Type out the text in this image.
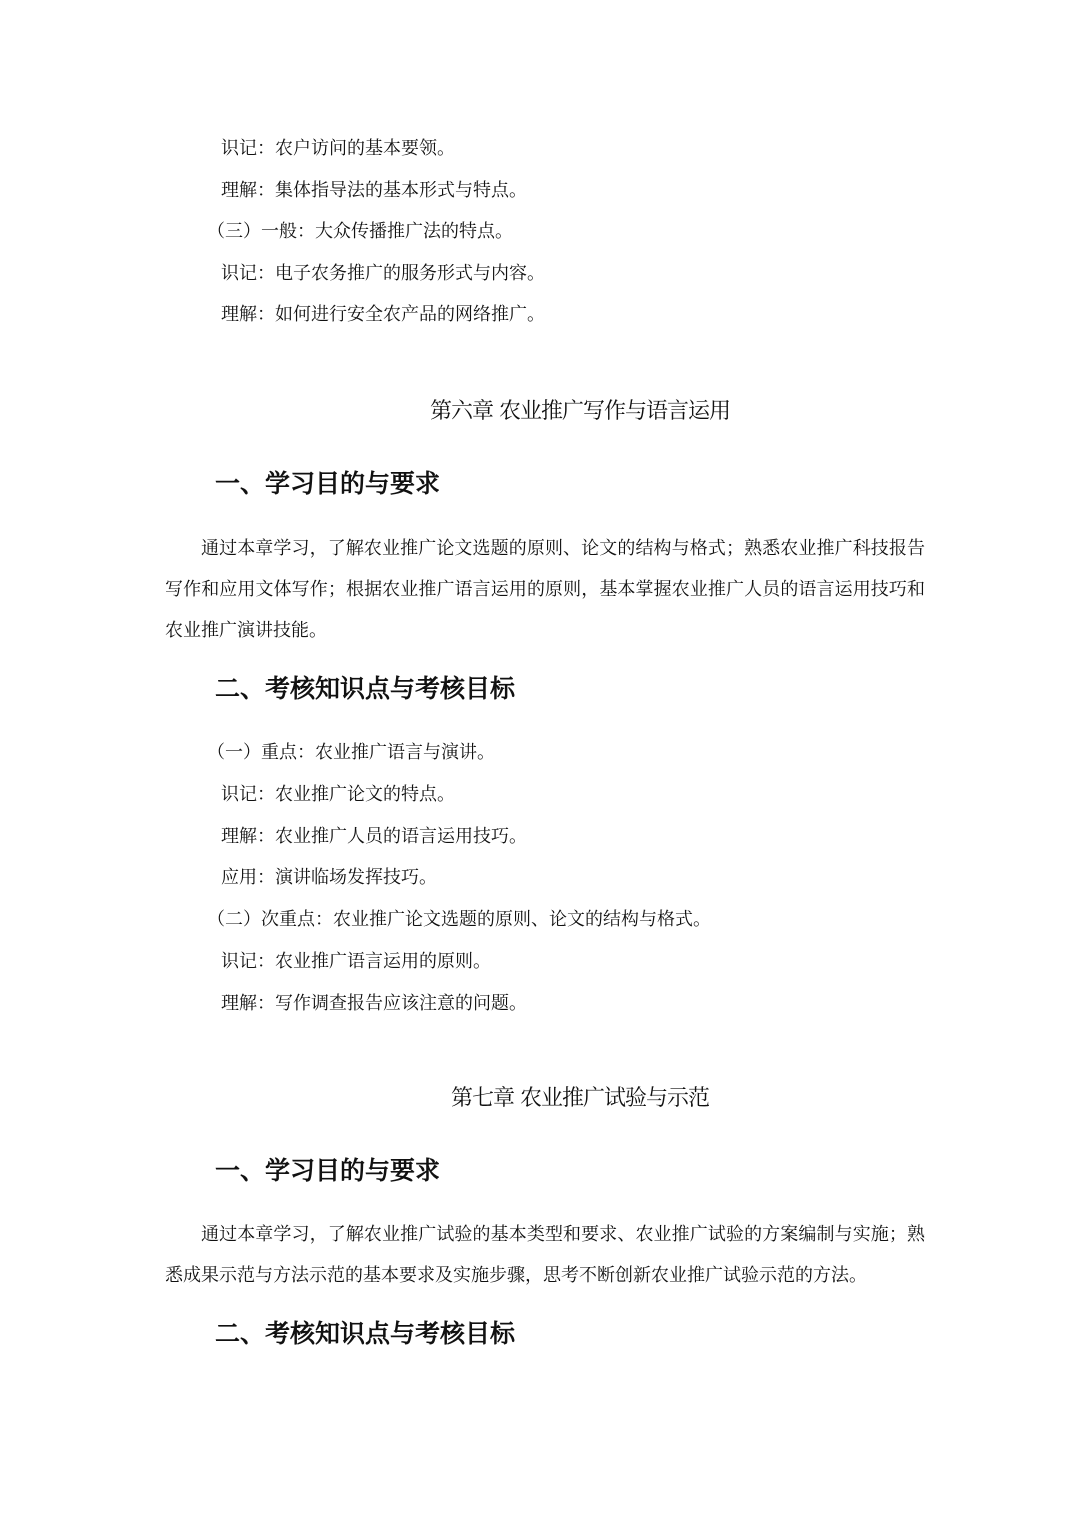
识记：农户访问的基本要领。
理解：集体指导法的基本形式与特点。
（三）一般：大众传播推广法的特点。
识记：电子农务推广的服务形式与内容。
理解：如何进行安全农产品的网络推广。
第六章 农业推广写作与语言运用
一、学习目的与要求
通过本章学习，了解农业推广论文选题的原则、论文的结构与格式；熟悉农业推广科技报告写作和应用文体写作；根据农业推广语言运用的原则，基本掌握农业推广人员的语言运用技巧和农业推广演讲技能。
二、考核知识点与考核目标
（一）重点：农业推广语言与演讲。
识记：农业推广论文的特点。
理解：农业推广人员的语言运用技巧。
应用：演讲临场发挥技巧。
（二）次重点：农业推广论文选题的原则、论文的结构与格式。
识记：农业推广语言运用的原则。
理解：写作调查报告应该注意的问题。
第七章 农业推广试验与示范
一、学习目的与要求
通过本章学习，了解农业推广试验的基本类型和要求、农业推广试验的方案编制与实施；熟悉成果示范与方法示范的基本要求及实施步骤，思考不断创新农业推广试验示范的方法。
二、考核知识点与考核目标
